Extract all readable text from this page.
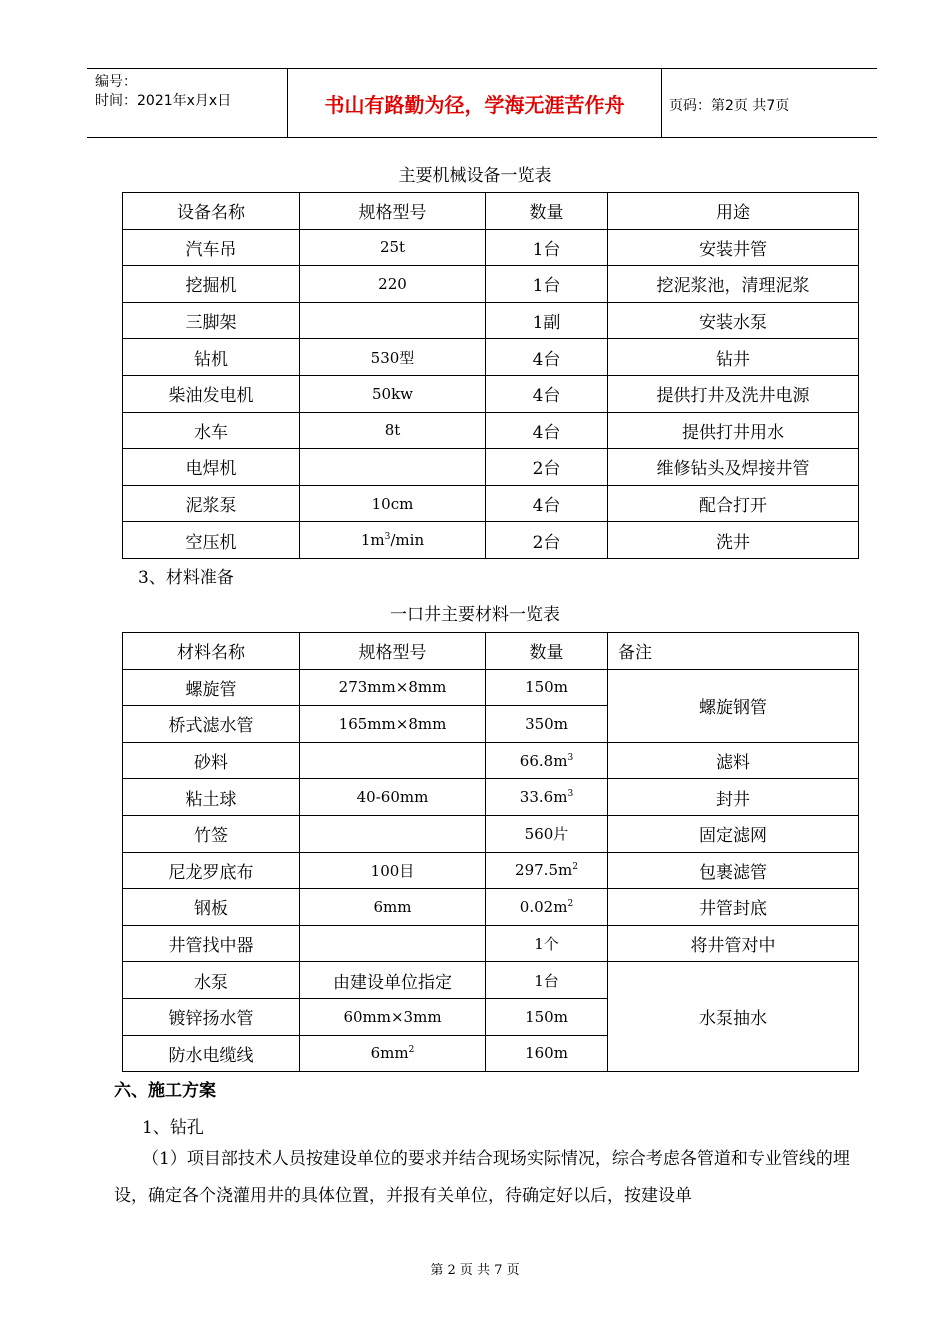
编号：
时间：2021年x月x日	书山有路勤为径，学海无涯苦作舟	页码：第2页 共7页
主要机械设备一览表
设备名称	规格型号	数量	用途
汽车吊	25t	1台	安装井管
挖掘机	220	1台	挖泥浆池，清理泥浆
三脚架		1副	安装水泵
钻机	530型	4台	钻井
柴油发电机	50kw	4台	提供打井及洗井电源
水车	8t	4台	提供打井用水
电焊机		2台	维修钻头及焊接井管
泥浆泵	10cm	4台	配合打开
空压机	$1m^3/\min$	2台	洗井
3、材料准备
一口井主要材料一览表
材料名称	规格型号	数量	备注
螺旋管	273mm×8mm	150m	螺旋钢管
桥式滤水管	165mm×8mm	350m	
砂料		$66.8m^3$	滤料
粘土球	40-60mm	$33.6m^3$	封井
竹签		560片	固定滤网
尼龙罗底布	100目	$297.5m^2$	包裹滤管
钢板	6mm	$0.02m^2$	井管封底
井管找中器		1个	将井管对中
水泵	由建设单位指定	1台	水泵抽水
镀锌扬水管	60mm×3mm	150m	
防水电缆线	$6mm^2$	160m	
六、施工方案
1、钻孔
（1）项目部技术人员按建设单位的要求并结合现场实际情况，综合考虑各管道和专业管线的埋设，确定各个浇灌用井的具体位置，并报有关单位，待确定好以后，按建设单
第 2 页 共 7 页
